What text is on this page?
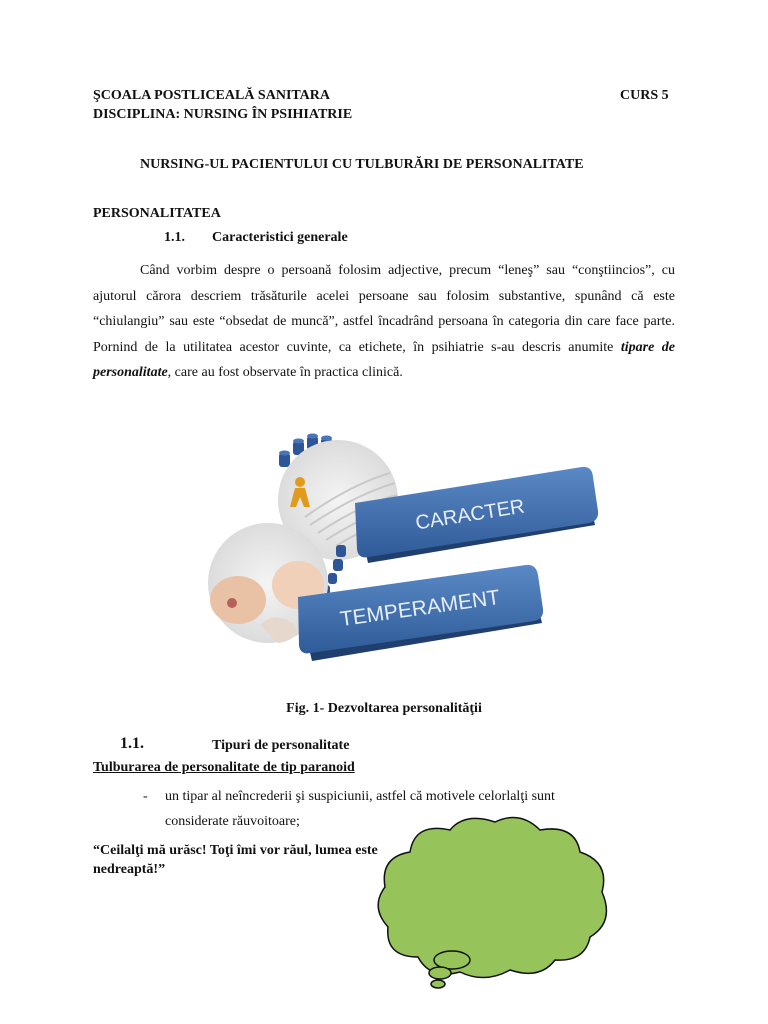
ŞCOALA POSTLICEALĂ SANITARA	CURS 5
DISCIPLINA: NURSING ÎN PSIHIATRIE
NURSING-UL PACIENTULUI CU TULBURĂRI DE PERSONALITATE
PERSONALITATEA
1.1. Caracteristici generale
Când vorbim despre o persoană folosim adjective, precum “leneş” sau “conştiincios”, cu ajutorul cărora descriem trăsăturile acelei persoane sau folosim substantive, spunând că este “chiulangiu” sau este “obsedat de muncă”, astfel încadrând persoana în categoria din care face parte. Pornind de la utilitatea acestor cuvinte, ca etichete, în psihiatrie s-au descris anumite tipare de personalitate, care au fost observate în practica clinică.
CARACTER
TEMPERAMENT
Fig. 1- Dezvoltarea personalităţii
1.1.	Tipuri de personalitate
Tulburarea de personalitate de tip paranoid
- un tipar al neîncrederii şi suspiciunii, astfel că motivele celorlalţi sunt
considerate răuvoitoare;
“Ceilalţi mă urăsc! Toţi îmi vor răul, lumea este
nedreaptă!”
